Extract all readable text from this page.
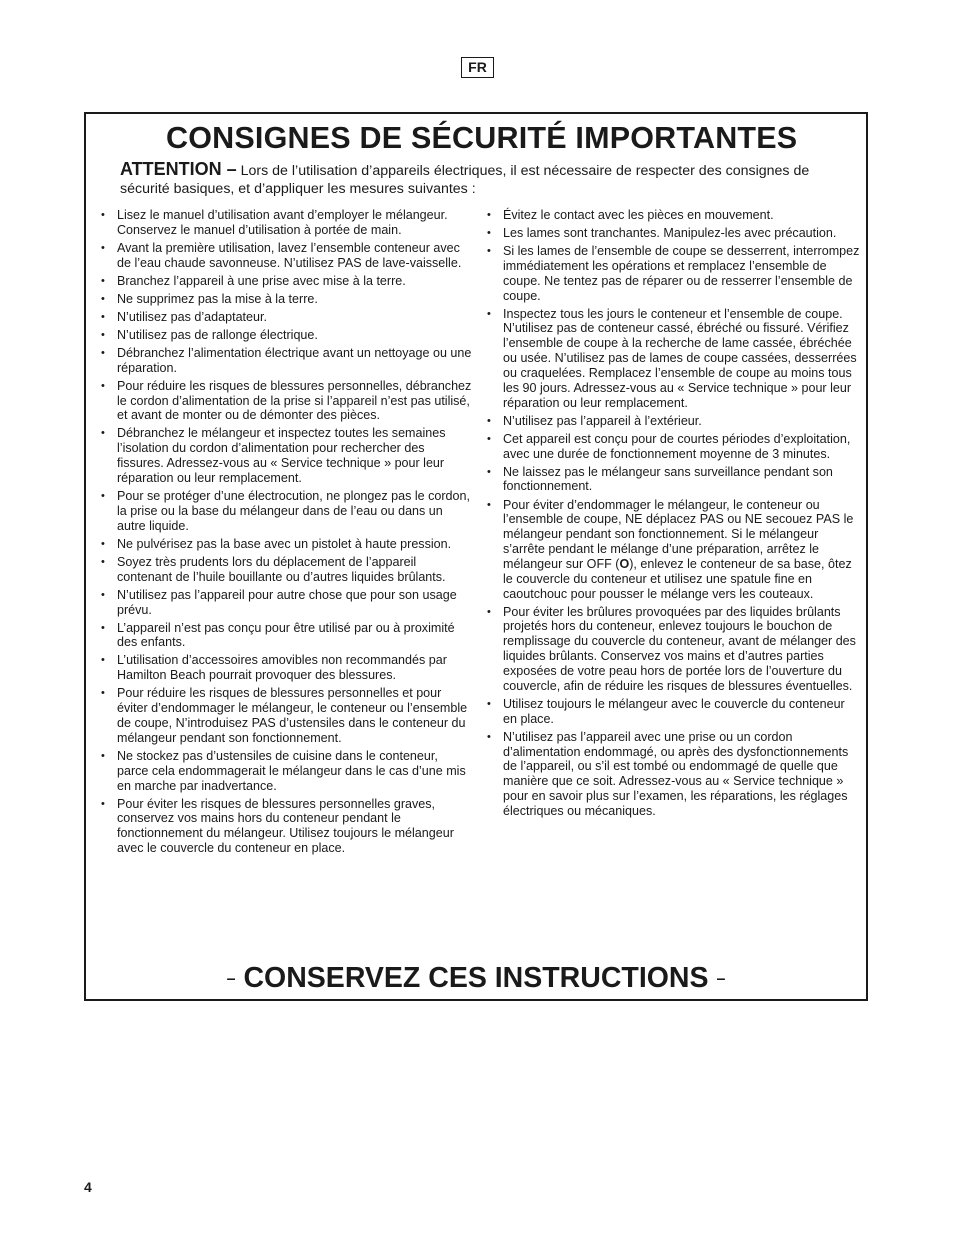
FR
CONSIGNES DE SÉCURITÉ IMPORTANTES

ATTENTION – Lors de l’utilisation d’appareils électriques, il est nécessaire de respecter des consignes de sécurité basiques, et d’appliquer les mesures suivantes :

• Lisez le manuel d’utilisation avant d’employer le mélangeur. Conservez le manuel d’utilisation à portée de main.
• Avant la première utilisation, lavez l’ensemble conteneur avec de l’eau chaude savonneuse. N’utilisez PAS de lave-vaisselle.
• Branchez l’appareil à une prise avec mise à la terre.
• Ne supprimez pas la mise à la terre.
• N’utilisez pas d’adaptateur.
• N’utilisez pas de rallonge électrique.
• Débranchez l’alimentation électrique avant un nettoyage ou une réparation.
• Pour réduire les risques de blessures personnelles, débranchez le cordon d’alimentation de la prise si l’appareil n’est pas utilisé, et avant de monter ou de démonter des pièces.
• Débranchez le mélangeur et inspectez toutes les semaines l’isolation du cordon d’alimentation pour rechercher des fissures. Adressez-vous au « Service technique » pour leur réparation ou leur remplacement.
• Pour se protéger d’une électrocution, ne plongez pas le cordon, la prise ou la base du mélangeur dans de l’eau ou dans un autre liquide.
• Ne pulvérisez pas la base avec un pistolet à haute pression.
• Soyez très prudents lors du déplacement de l’appareil contenant de l’huile bouillante ou d’autres liquides brûlants.
• N’utilisez pas l’appareil pour autre chose que pour son usage prévu.
• L’appareil n’est pas conçu pour être utilisé par ou à proximité des enfants.
• L’utilisation d’accessoires amovibles non recommandés par Hamilton Beach pourrait provoquer des blessures.
• Pour réduire les risques de blessures personnelles et pour éviter d’endommager le mélangeur, le conteneur ou l’ensemble de coupe, N’introduisez PAS d’ustensiles dans le conteneur du mélangeur pendant son fonctionnement.
• Ne stockez pas d’ustensiles de cuisine dans le conteneur, parce cela endommagerait le mélangeur dans le cas d’une mis en marche par inadvertance.
• Pour éviter les risques de blessures personnelles graves, conservez vos mains hors du conteneur pendant le fonctionnement du mélangeur. Utilisez toujours le mélangeur avec le couvercle du conteneur en place.
• Évitez le contact avec les pièces en mouvement.
• Les lames sont tranchantes. Manipulez-les avec précaution.
• Si les lames de l’ensemble de coupe se desserrent, interrompez immédiatement les opérations et remplacez l’ensemble de coupe. Ne tentez pas de réparer ou de resserrer l’ensemble de coupe.
• Inspectez tous les jours le conteneur et l’ensemble de coupe. N’utilisez pas de conteneur cassé, ébréché ou fissuré. Vérifiez l’ensemble de coupe à la recherche de lame cassée, ébréchée ou usée. N’utilisez pas de lames de coupe cassées, desserrées ou craquelées. Remplacez l’ensemble de coupe au moins tous les 90 jours. Adressez-vous au « Service technique » pour leur réparation ou leur remplacement.
• N’utilisez pas l’appareil à l’extérieur.
• Cet appareil est conçu pour de courtes périodes d’exploitation, avec une durée de fonctionnement moyenne de 3 minutes.
• Ne laissez pas le mélangeur sans surveillance pendant son fonctionnement.
• Pour éviter d’endommager le mélangeur, le conteneur ou l’ensemble de coupe, NE déplacez PAS ou NE secouez PAS le mélangeur pendant son fonctionnement. Si le mélangeur s’arrête pendant le mélange d’une préparation, arrêtez le mélangeur sur OFF (O), enlevez le conteneur de sa base, ôtez le couvercle du conteneur et utilisez une spatule fine en caoutchouc pour pousser le mélange vers les couteaux.
• Pour éviter les brûlures provoquées par des liquides brûlants projetés hors du conteneur, enlevez toujours le bouchon de remplissage du couvercle du conteneur, avant de mélanger des liquides brûlants. Conservez vos mains et d’autres parties exposées de votre peau hors de portée lors de l’ouverture du couvercle, afin de réduire les risques de blessures éventuelles.
• Utilisez toujours le mélangeur avec le couvercle du conteneur en place.
• N’utilisez pas l’appareil avec une prise ou un cordon d’alimentation endommagé, ou après des dysfonctionnements de l’appareil, ou s’il est tombé ou endommagé de quelle que manière que ce soit. Adressez-vous au « Service technique » pour en savoir plus sur l’examen, les réparations, les réglages électriques ou mécaniques.

– CONSERVEZ CES INSTRUCTIONS –

4
